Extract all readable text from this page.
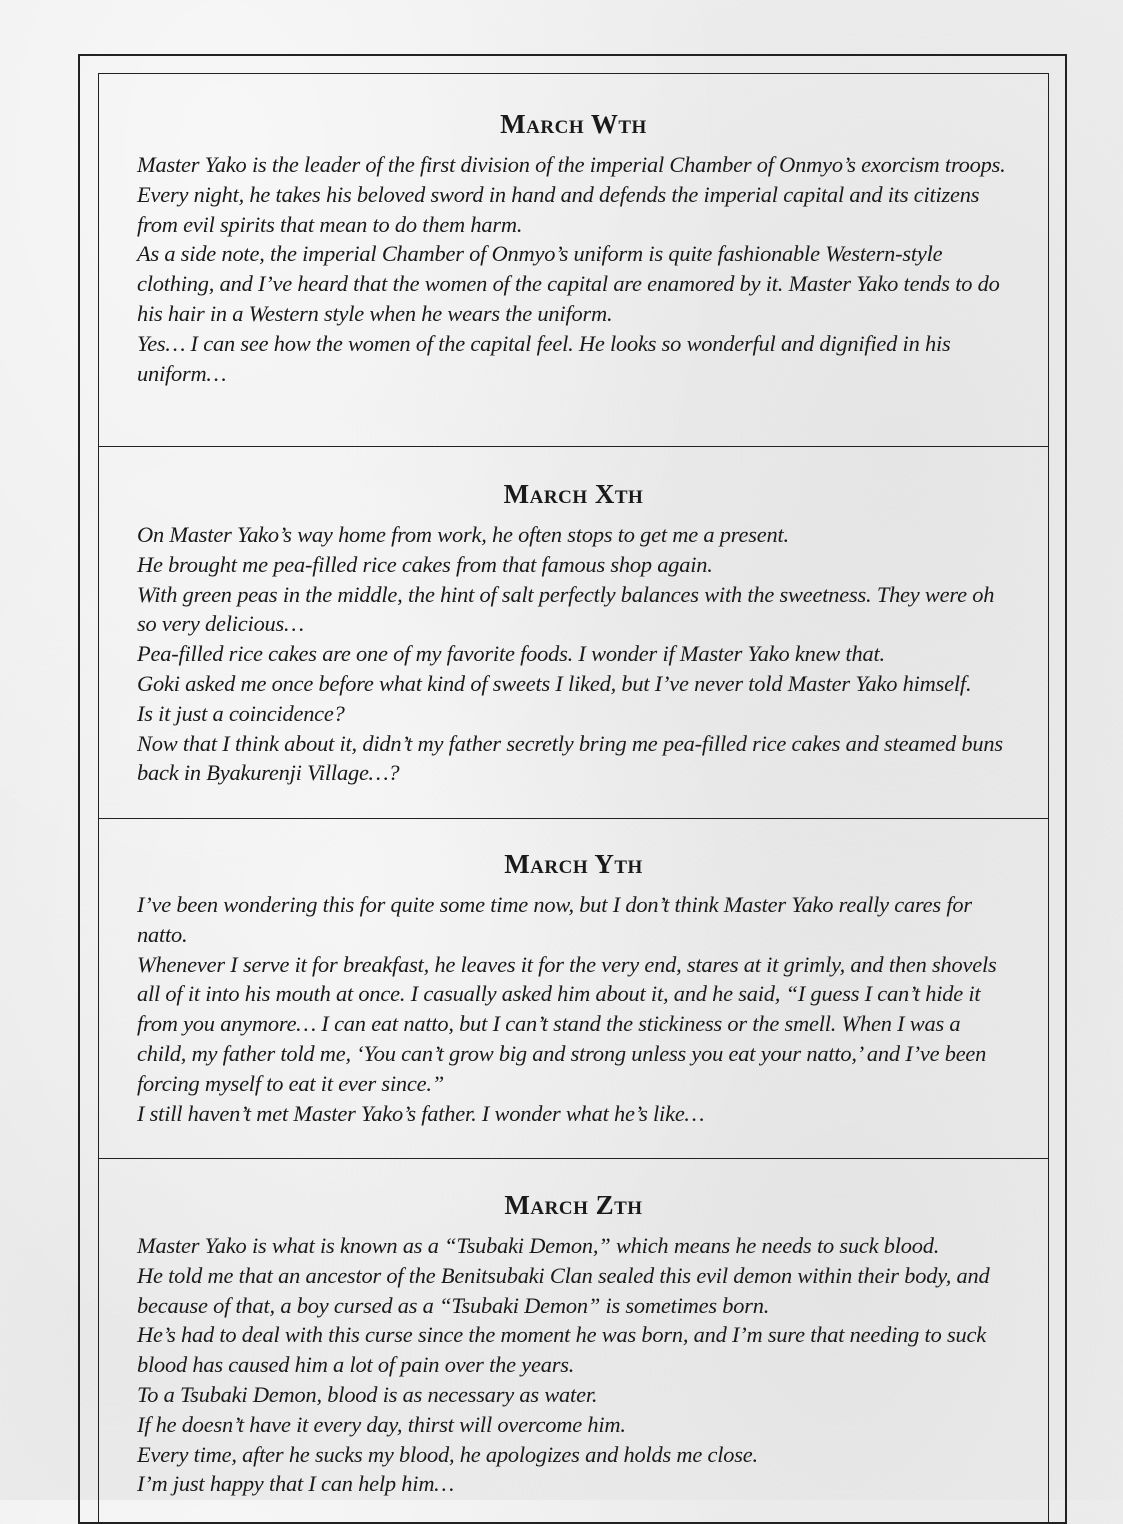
March Wth

Master Yako is the leader of the first division of the imperial Chamber of Onmyo’s exorcism troops.

Every night, he takes his beloved sword in hand and defends the imperial capital and its citizens from evil spirits that mean to do them harm.

As a side note, the imperial Chamber of Onmyo’s uniform is quite fashionable Western-style clothing, and I’ve heard that the women of the capital are enamored by it. Master Yako tends to do his hair in a Western style when he wears the uniform.

Yes… I can see how the women of the capital feel. He looks so wonderful and dignified in his uniform…

March Xth

On Master Yako’s way home from work, he often stops to get me a present.

He brought me pea-filled rice cakes from that famous shop again.

With green peas in the middle, the hint of salt perfectly balances with the sweetness. They were oh so very delicious…

Pea-filled rice cakes are one of my favorite foods. I wonder if Master Yako knew that.

Goki asked me once before what kind of sweets I liked, but I’ve never told Master Yako himself.

Is it just a coincidence?

Now that I think about it, didn’t my father secretly bring me pea-filled rice cakes and steamed buns back in Byakurenji Village…?

March Yth

I’ve been wondering this for quite some time now, but I don’t think Master Yako really cares for natto.

Whenever I serve it for breakfast, he leaves it for the very end, stares at it grimly, and then shovels all of it into his mouth at once. I casually asked him about it, and he said, “I guess I can’t hide it from you anymore… I can eat natto, but I can’t stand the stickiness or the smell. When I was a child, my father told me, ‘You can’t grow big and strong unless you eat your natto,’ and I’ve been forcing myself to eat it ever since.”

I still haven’t met Master Yako’s father. I wonder what he’s like…

March Zth

Master Yako is what is known as a “Tsubaki Demon,” which means he needs to suck blood.

He told me that an ancestor of the Benitsubaki Clan sealed this evil demon within their body, and because of that, a boy cursed as a “Tsubaki Demon” is sometimes born.

He’s had to deal with this curse since the moment he was born, and I’m sure that needing to suck blood has caused him a lot of pain over the years.

To a Tsubaki Demon, blood is as necessary as water.

If he doesn’t have it every day, thirst will overcome him.

Every time, after he sucks my blood, he apologizes and holds me close.

I’m just happy that I can help him…
